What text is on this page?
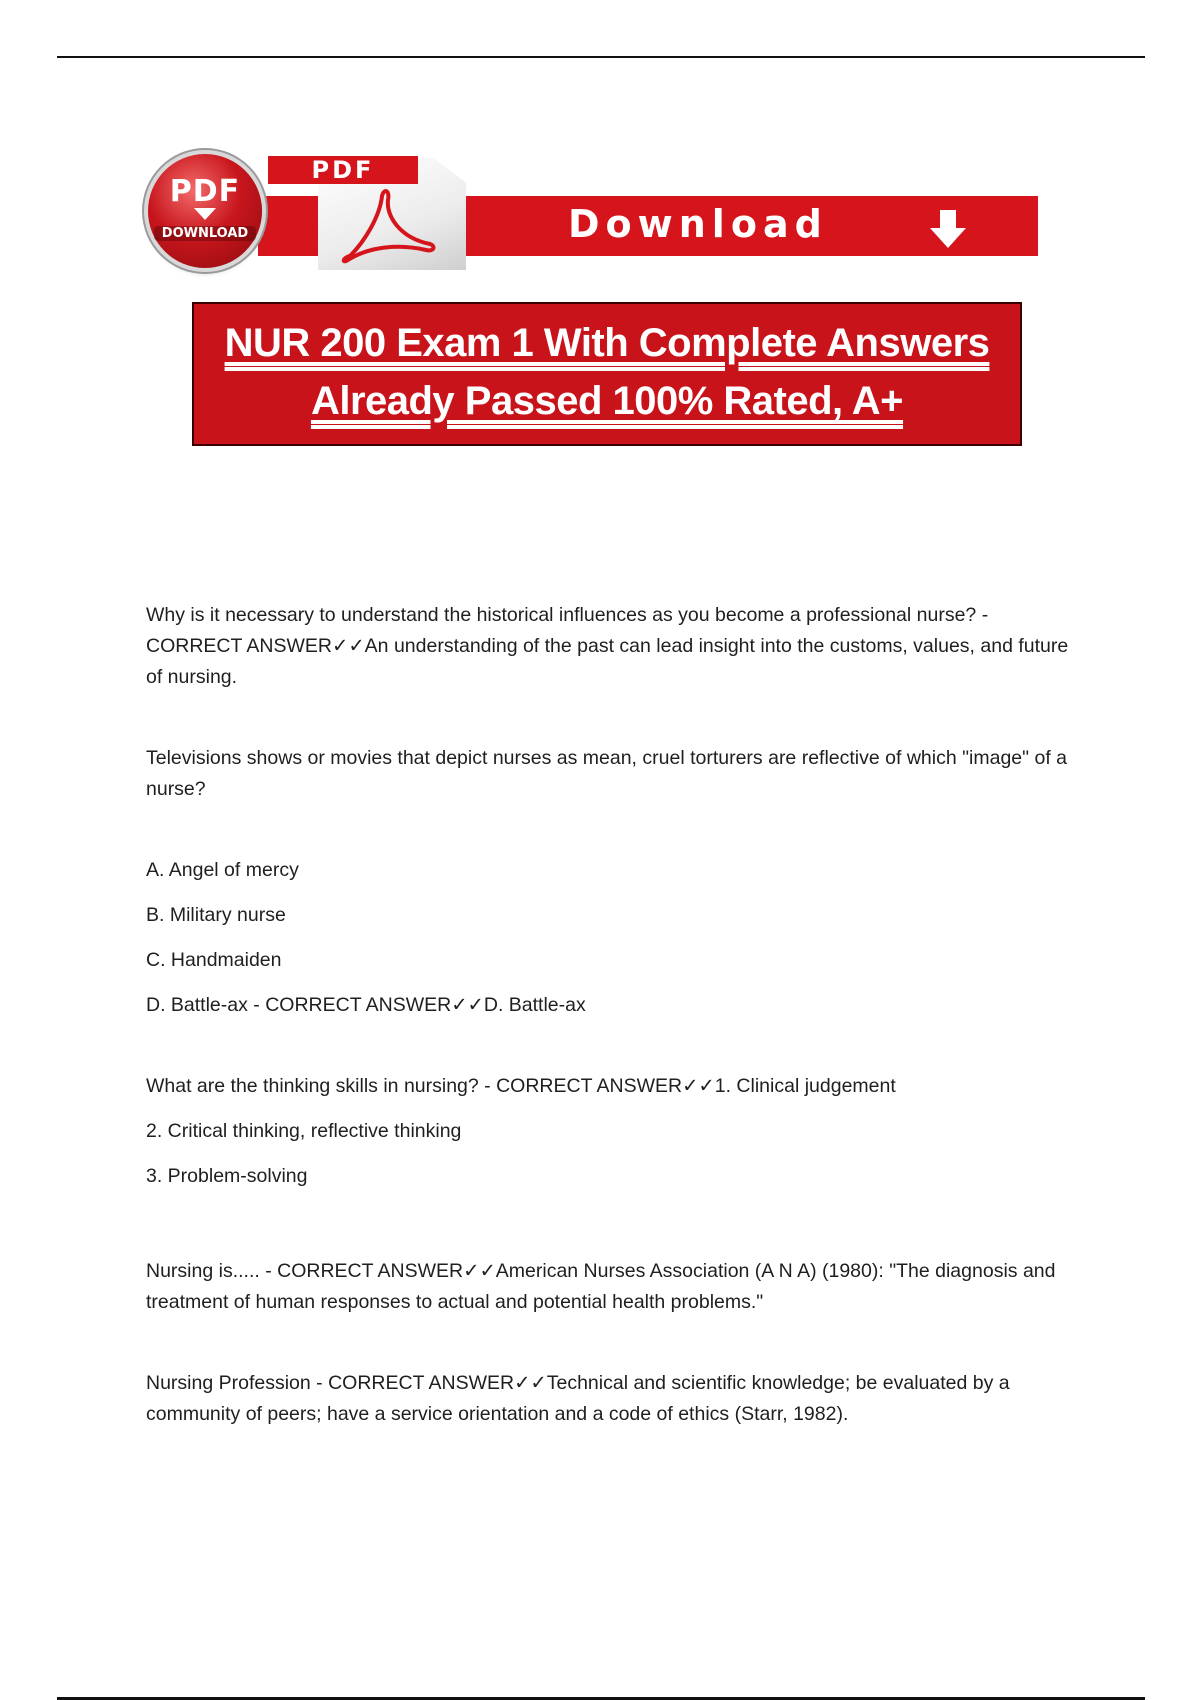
PDF
Download
PDF
DOWNLOAD
NUR 200 Exam 1 With Complete Answers
Already Passed 100% Rated, A+

Why is it necessary to understand the historical influences as you become a professional nurse? - CORRECT ANSWER✓✓An understanding of the past can lead insight into the customs, values, and future of nursing.

Televisions shows or movies that depict nurses as mean, cruel torturers are reflective of which "image" of a nurse?

A. Angel of mercy

B. Military nurse

C. Handmaiden

D. Battle-ax - CORRECT ANSWER✓✓D. Battle-ax

What are the thinking skills in nursing? - CORRECT ANSWER✓✓1. Clinical judgement

2. Critical thinking, reflective thinking

3. Problem-solving

Nursing is..... - CORRECT ANSWER✓✓American Nurses Association (A N A) (1980): "The diagnosis and treatment of human responses to actual and potential health problems."

Nursing Profession - CORRECT ANSWER✓✓Technical and scientific knowledge; be evaluated by a community of peers; have a service orientation and a code of ethics (Starr, 1982).
